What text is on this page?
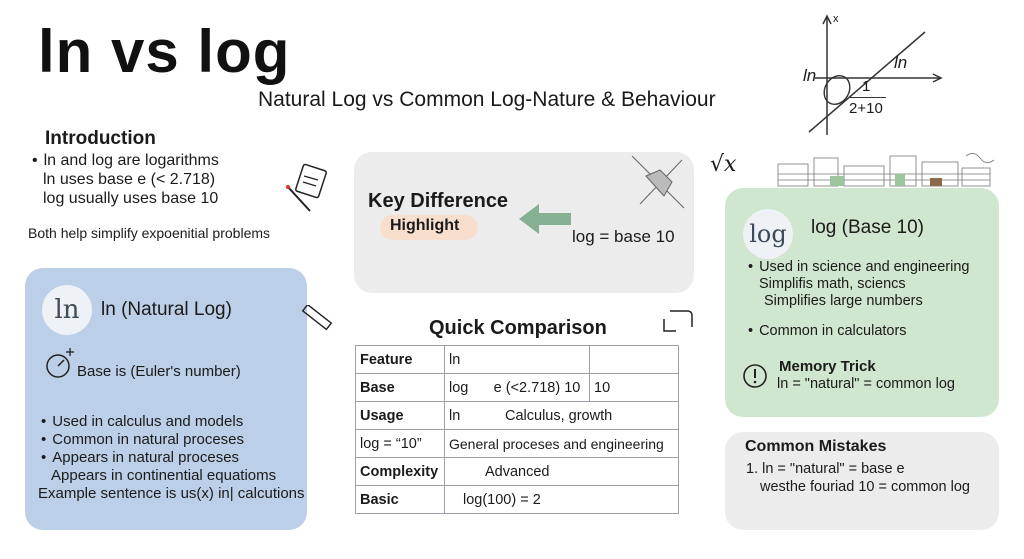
ln vs log
Natural Log vs Common Log-Nature & Behaviour
x
ln
ln
1
2+10
√x
Introduction
• ln and log are logarithms
ln uses base e (< 2.718)
log usually uses base 10
Both help simplify expoenitial problems
ln	ln (Natural Log)
Base is (Euler's number)
• Used in calculus and models
• Common in natural proceses
• Appears in natural proceses
Appears in continential equatioms
Example sentence is us(x) in| calcutions
Key Difference
Highlight
log = base 10
Quick Comparison
Feature	ln		
Base	log	e (<2.718) 10	10
Usage	ln	Calculus, growth	
log = “10”	General proceses and engineering		
Complexity	Advanced		
Basic	log(100) = 2		
log	log (Base 10)
• Used in science and engineering
Simplifis math, sciencs
Simplifies large numbers
• Common in calculators
Memory Trick
ln = "natural" = common log
Common Mistakes
1. ln = "natural" = base e
westhe fouriad 10 = common log
